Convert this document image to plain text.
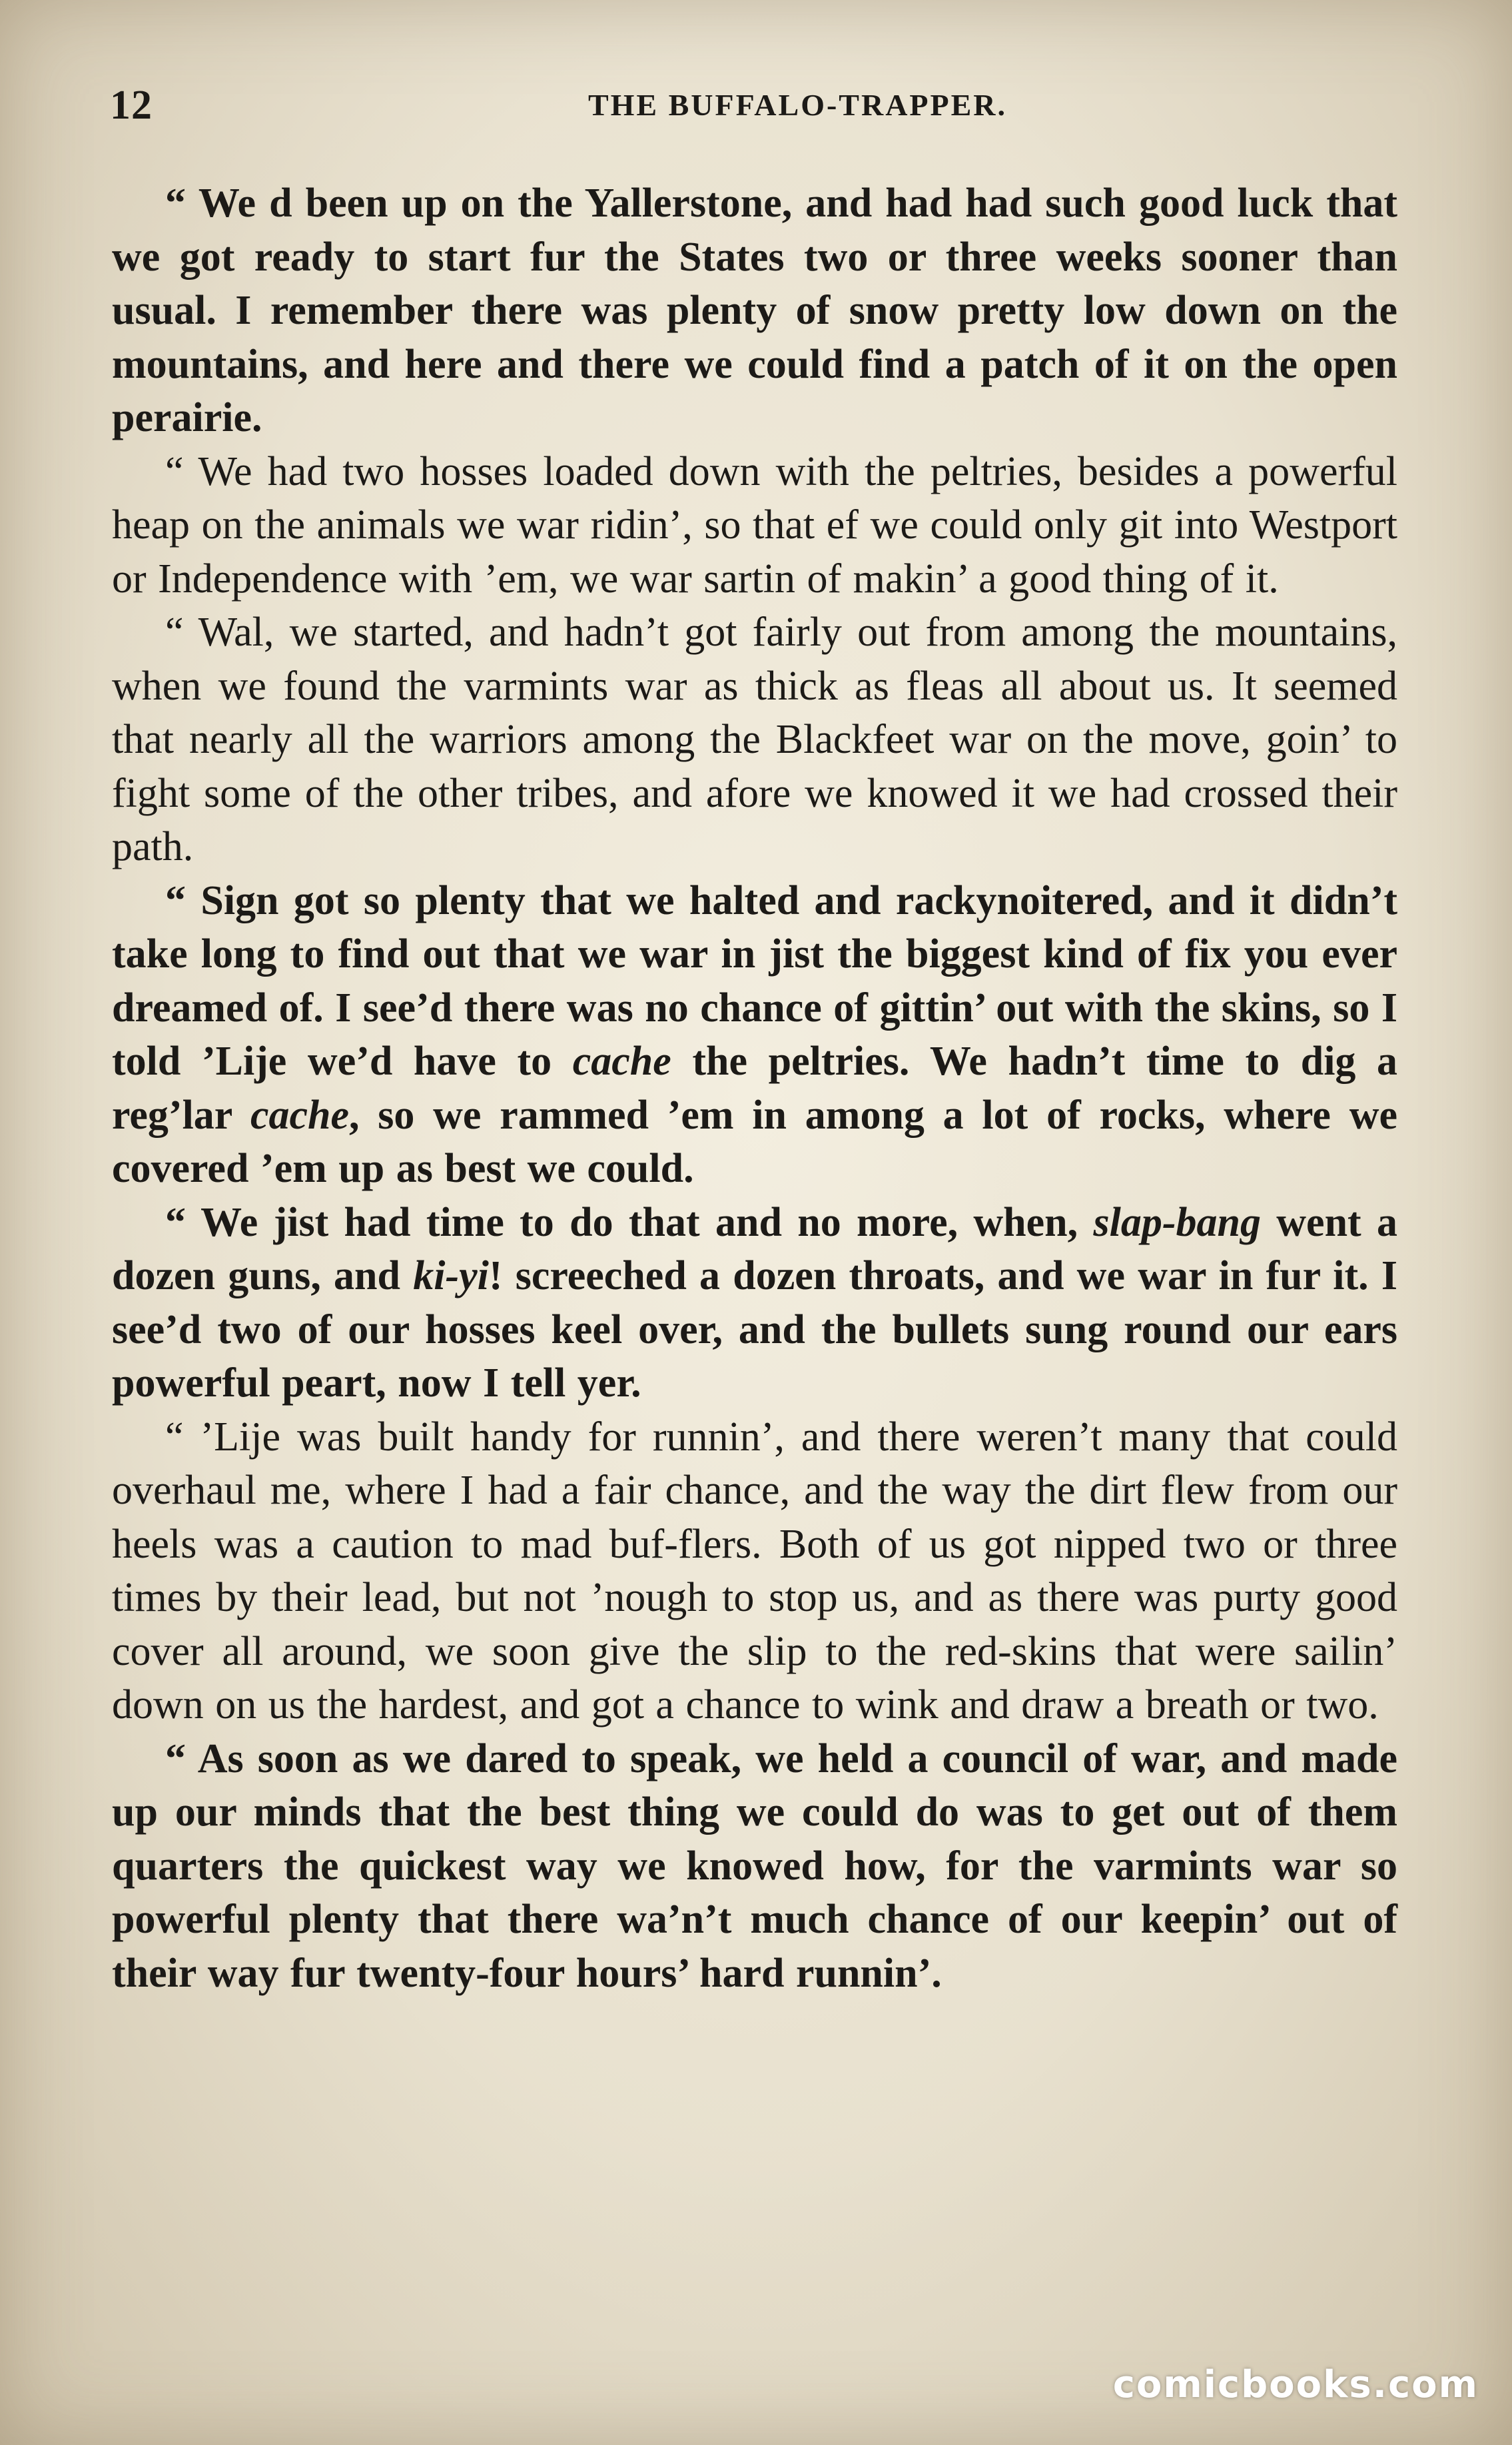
12	THE BUFFALO-TRAPPER.

“ We d been up on the Yallerstone, and had had such good luck that we got ready to start fur the States two or three weeks sooner than usual. I remember there was plenty of snow pretty low down on the mountains, and here and there we could find a patch of it on the open perairie.

“ We had two hosses loaded down with the peltries, besides a powerful heap on the animals we war ridin’, so that ef we could only git into Westport or Independence with ’em, we war sartin of makin’ a good thing of it.

“ Wal, we started, and hadn’t got fairly out from among the mountains, when we found the varmints war as thick as fleas all about us. It seemed that nearly all the warriors among the Blackfeet war on the move, goin’ to fight some of the other tribes, and afore we knowed it we had crossed their path.

“ Sign got so plenty that we halted and rackynoitered, and it didn’t take long to find out that we war in jist the biggest kind of fix you ever dreamed of. I see’d there was no chance of gittin’ out with the skins, so I told ’Lije we’d have to cache the peltries. We hadn’t time to dig a reg’lar cache, so we rammed ’em in among a lot of rocks, where we covered ’em up as best we could.

“ We jist had time to do that and no more, when, slap-bang went a dozen guns, and ki-yi! screeched a dozen throats, and we war in fur it. I see’d two of our hosses keel over, and the bullets sung round our ears powerful peart, now I tell yer.

“ ’Lije was built handy for runnin’, and there weren’t many that could overhaul me, where I had a fair chance, and the way the dirt flew from our heels was a caution to mad buf-flers. Both of us got nipped two or three times by their lead, but not ’nough to stop us, and as there was purty good cover all around, we soon give the slip to the red-skins that were sailin’ down on us the hardest, and got a chance to wink and draw a breath or two.

“ As soon as we dared to speak, we held a council of war, and made up our minds that the best thing we could do was to get out of them quarters the quickest way we knowed how, for the varmints war so powerful plenty that there wa’n’t much chance of our keepin’ out of their way fur twenty-four hours’ hard runnin’.

comicbooks.com
